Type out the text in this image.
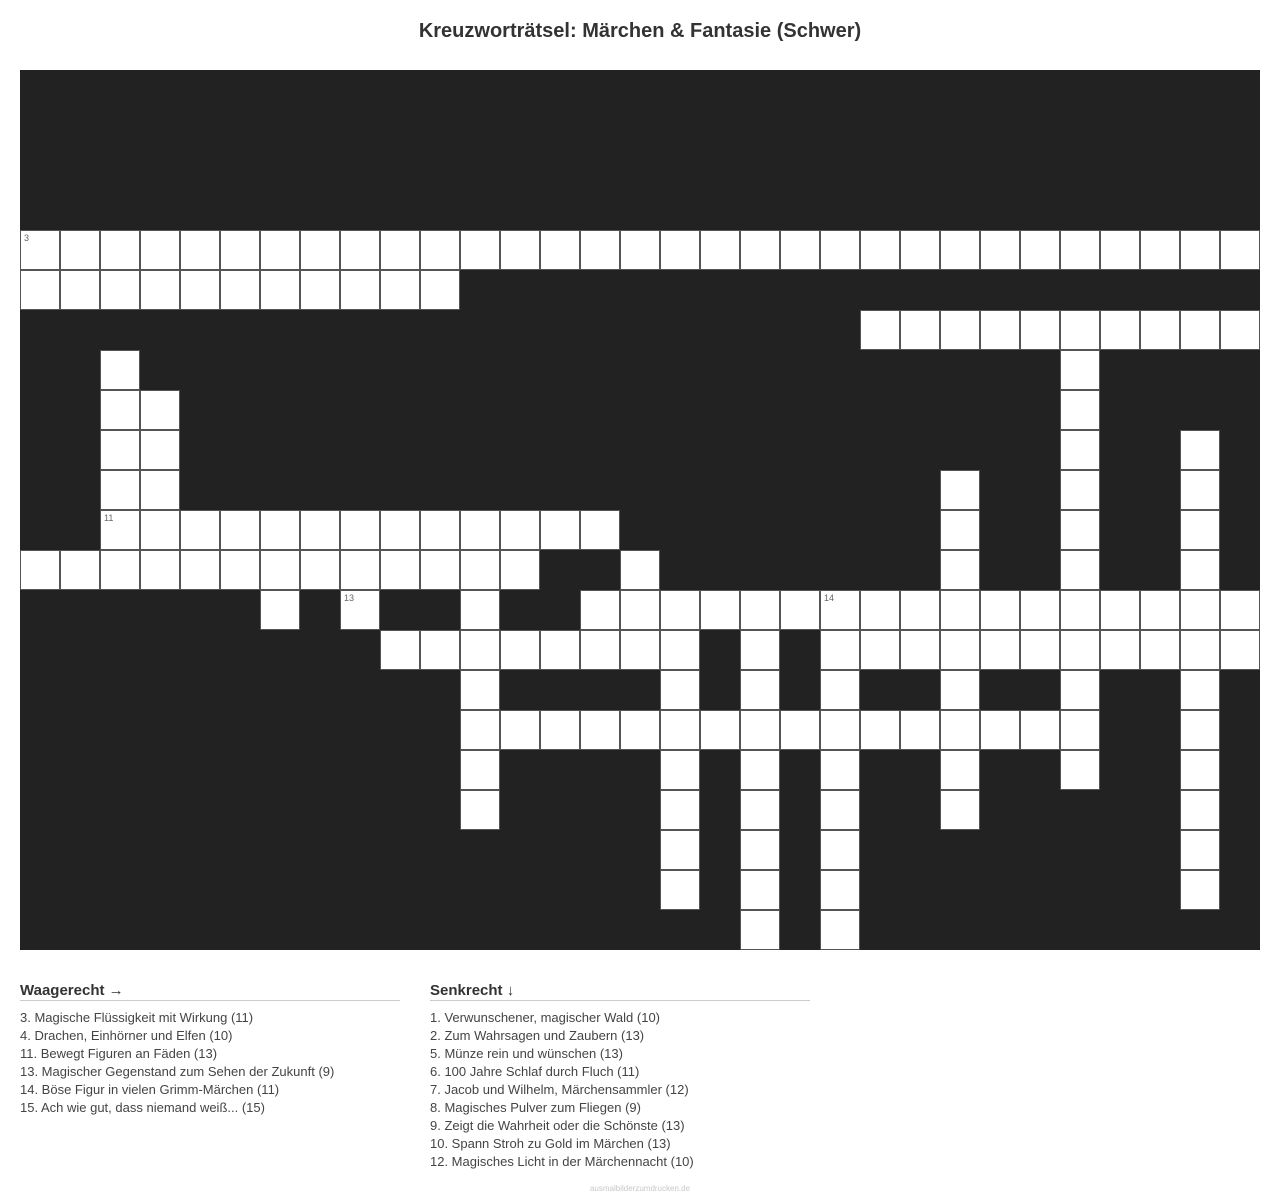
Kreuzworträtsel: Märchen & Fantasie (Schwer)
3
14
13
11
Waagerecht →
3. Magische Flüssigkeit mit Wirkung (11)
4. Drachen, Einhörner und Elfen (10)
11. Bewegt Figuren an Fäden (13)
13. Magischer Gegenstand zum Sehen der Zukunft (9)
14. Böse Figur in vielen Grimm-Märchen (11)
15. Ach wie gut, dass niemand weiß... (15)
Senkrecht ↓
1. Verwunschener, magischer Wald (10)
2. Zum Wahrsagen und Zaubern (13)
5. Münze rein und wünschen (13)
6. 100 Jahre Schlaf durch Fluch (11)
7. Jacob und Wilhelm, Märchensammler (12)
8. Magisches Pulver zum Fliegen (9)
9. Zeigt die Wahrheit oder die Schönste (13)
10. Spann Stroh zu Gold im Märchen (13)
12. Magisches Licht in der Märchennacht (10)
ausmalbilderzumdrucken.de
